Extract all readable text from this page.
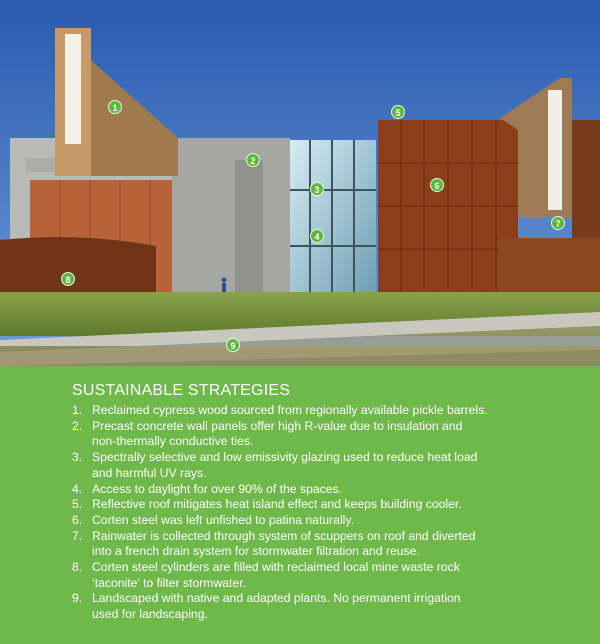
1
2
3
4
5
6
7
8
9
SUSTAINABLE STRATEGIES
1. Reclaimed cypress wood sourced from regionally available pickle barrels.
2. Precast concrete wall panels offer high R-value due to insulation and
non-thermally conductive ties.
3. Spectrally selective and low emissivity glazing used to reduce heat load
and harmful UV rays.
4. Access to daylight for over 90% of the spaces.
5. Reflective roof mitigates heat island effect and keeps building cooler.
6. Corten steel was left unfished to patina naturally.
7. Rainwater is collected through system of scuppers on roof and diverted
into a french drain system for stormwater filtration and reuse.
8. Corten steel cylinders are filled with reclaimed local mine waste rock
‘taconite’ to filter stormwater.
9. Landscaped with native and adapted plants. No permanent irrigation
used for landscaping.
